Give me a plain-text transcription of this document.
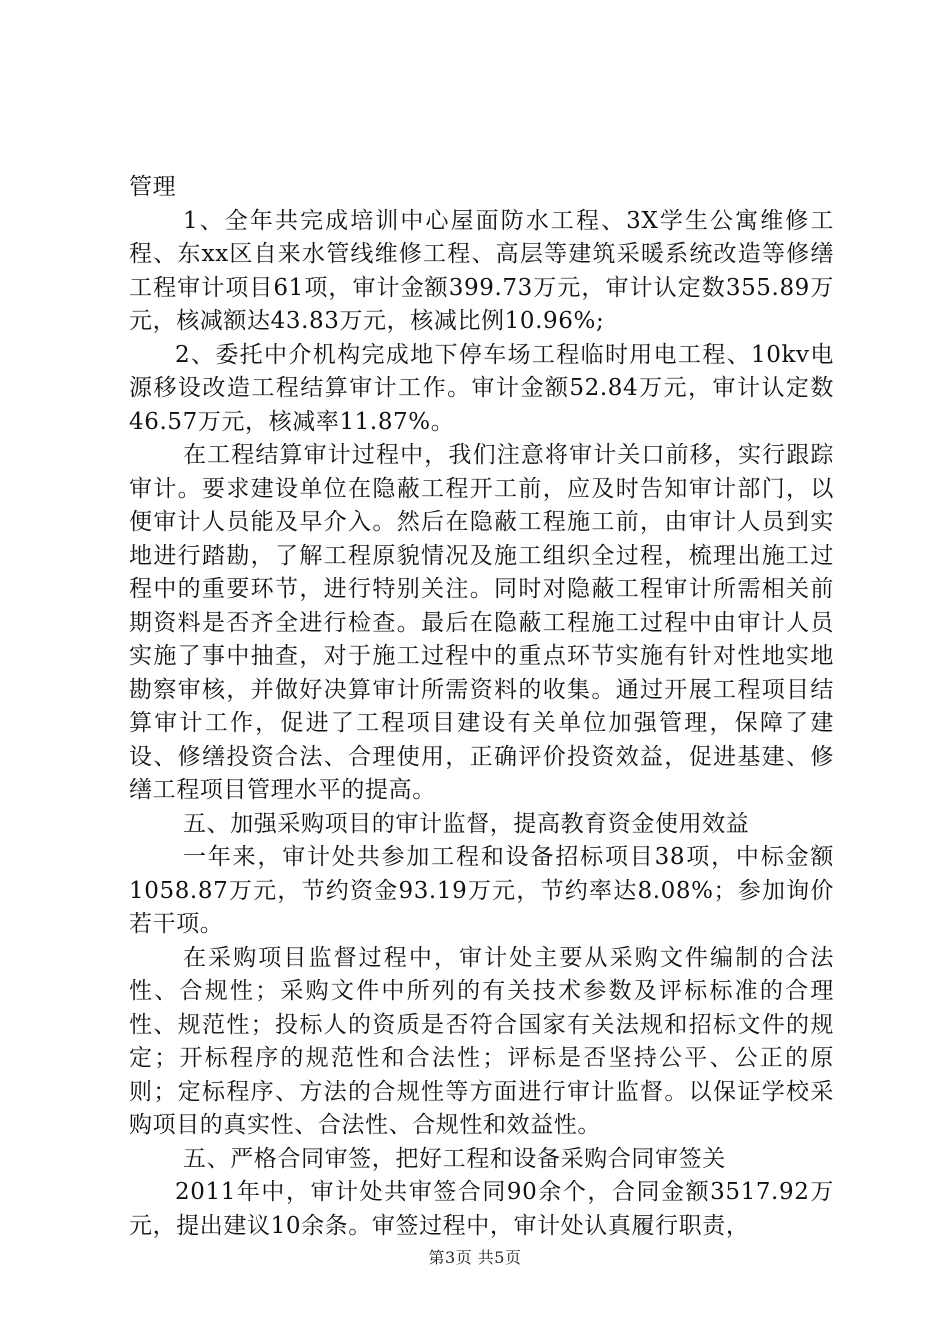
管理

1、全年共完成培训中心屋面防水工程、3X学生公寓维修工程、东xx区自来水管线维修工程、高层等建筑采暖系统改造等修缮工程审计项目61项，审计金额399.73万元，审计认定数355.89万元，核减额达43.83万元，核减比例10.96%;

2、委托中介机构完成地下停车场工程临时用电工程、10kv电源移设改造工程结算审计工作。审计金额52.84万元，审计认定数46.57万元，核减率11.87%。

在工程结算审计过程中，我们注意将审计关口前移，实行跟踪审计。要求建设单位在隐蔽工程开工前，应及时告知审计部门，以便审计人员能及早介入。然后在隐蔽工程施工前，由审计人员到实地进行踏勘，了解工程原貌情况及施工组织全过程，梳理出施工过程中的重要环节，进行特别关注。同时对隐蔽工程审计所需相关前期资料是否齐全进行检查。最后在隐蔽工程施工过程中由审计人员实施了事中抽查，对于施工过程中的重点环节实施有针对性地实地勘察审核，并做好决算审计所需资料的收集。通过开展工程项目结算审计工作，促进了工程项目建设有关单位加强管理，保障了建设、修缮投资合法、合理使用，正确评价投资效益，促进基建、修缮工程项目管理水平的提高。

五、加强采购项目的审计监督，提高教育资金使用效益

一年来，审计处共参加工程和设备招标项目38项，中标金额1058.87万元，节约资金93.19万元，节约率达8.08%；参加询价若干项。

在采购项目监督过程中，审计处主要从采购文件编制的合法性、合规性；采购文件中所列的有关技术参数及评标标准的合理性、规范性；投标人的资质是否符合国家有关法规和招标文件的规定；开标程序的规范性和合法性；评标是否坚持公平、公正的原则；定标程序、方法的合规性等方面进行审计监督。以保证学校采购项目的真实性、合法性、合规性和效益性。

五、严格合同审签，把好工程和设备采购合同审签关

2011年中，审计处共审签合同90余个，合同金额3517.92万元，提出建议10余条。审签过程中，审计处认真履行职责，

第3页 共5页
